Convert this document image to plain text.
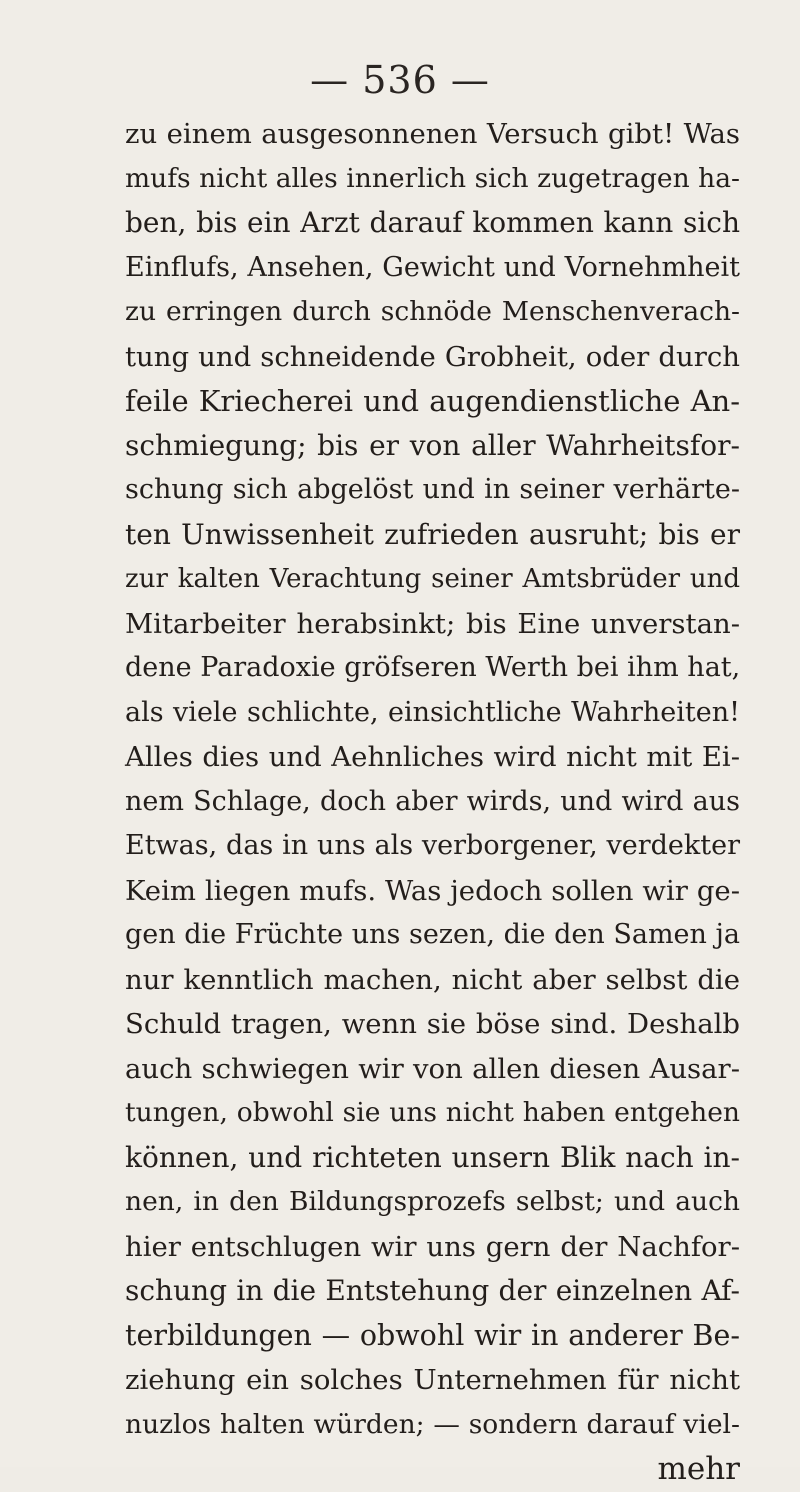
— 536 —
zu einem ausgesonnenen Versuch gibt! Was
mufs nicht alles innerlich sich zugetragen ha-
ben, bis ein Arzt darauf kommen kann sich
Einflufs, Ansehen, Gewicht und Vornehmheit
zu erringen durch schnöde Menschenverach-
tung und schneidende Grobheit, oder durch
feile Kriecherei und augendienstliche An-
schmiegung; bis er von aller Wahrheitsfor-
schung sich abgelöst und in seiner verhärte-
ten Unwissenheit zufrieden ausruht; bis er
zur kalten Verachtung seiner Amtsbrüder und
Mitarbeiter herabsinkt; bis Eine unverstan-
dene Paradoxie gröfseren Werth bei ihm hat,
als viele schlichte, einsichtliche Wahrheiten!
Alles dies und Aehnliches wird nicht mit Ei-
nem Schlage, doch aber wirds, und wird aus
Etwas, das in uns als verborgener, verdekter
Keim liegen mufs. Was jedoch sollen wir ge-
gen die Früchte uns sezen, die den Samen ja
nur kenntlich machen, nicht aber selbst die
Schuld tragen, wenn sie böse sind. Deshalb
auch schwiegen wir von allen diesen Ausar-
tungen, obwohl sie uns nicht haben entgehen
können, und richteten unsern Blik nach in-
nen, in den Bildungsprozefs selbst; und auch
hier entschlugen wir uns gern der Nachfor-
schung in die Entstehung der einzelnen Af-
terbildungen — obwohl wir in anderer Be-
ziehung ein solches Unternehmen für nicht
nuzlos halten würden; — sondern darauf viel-
mehr
